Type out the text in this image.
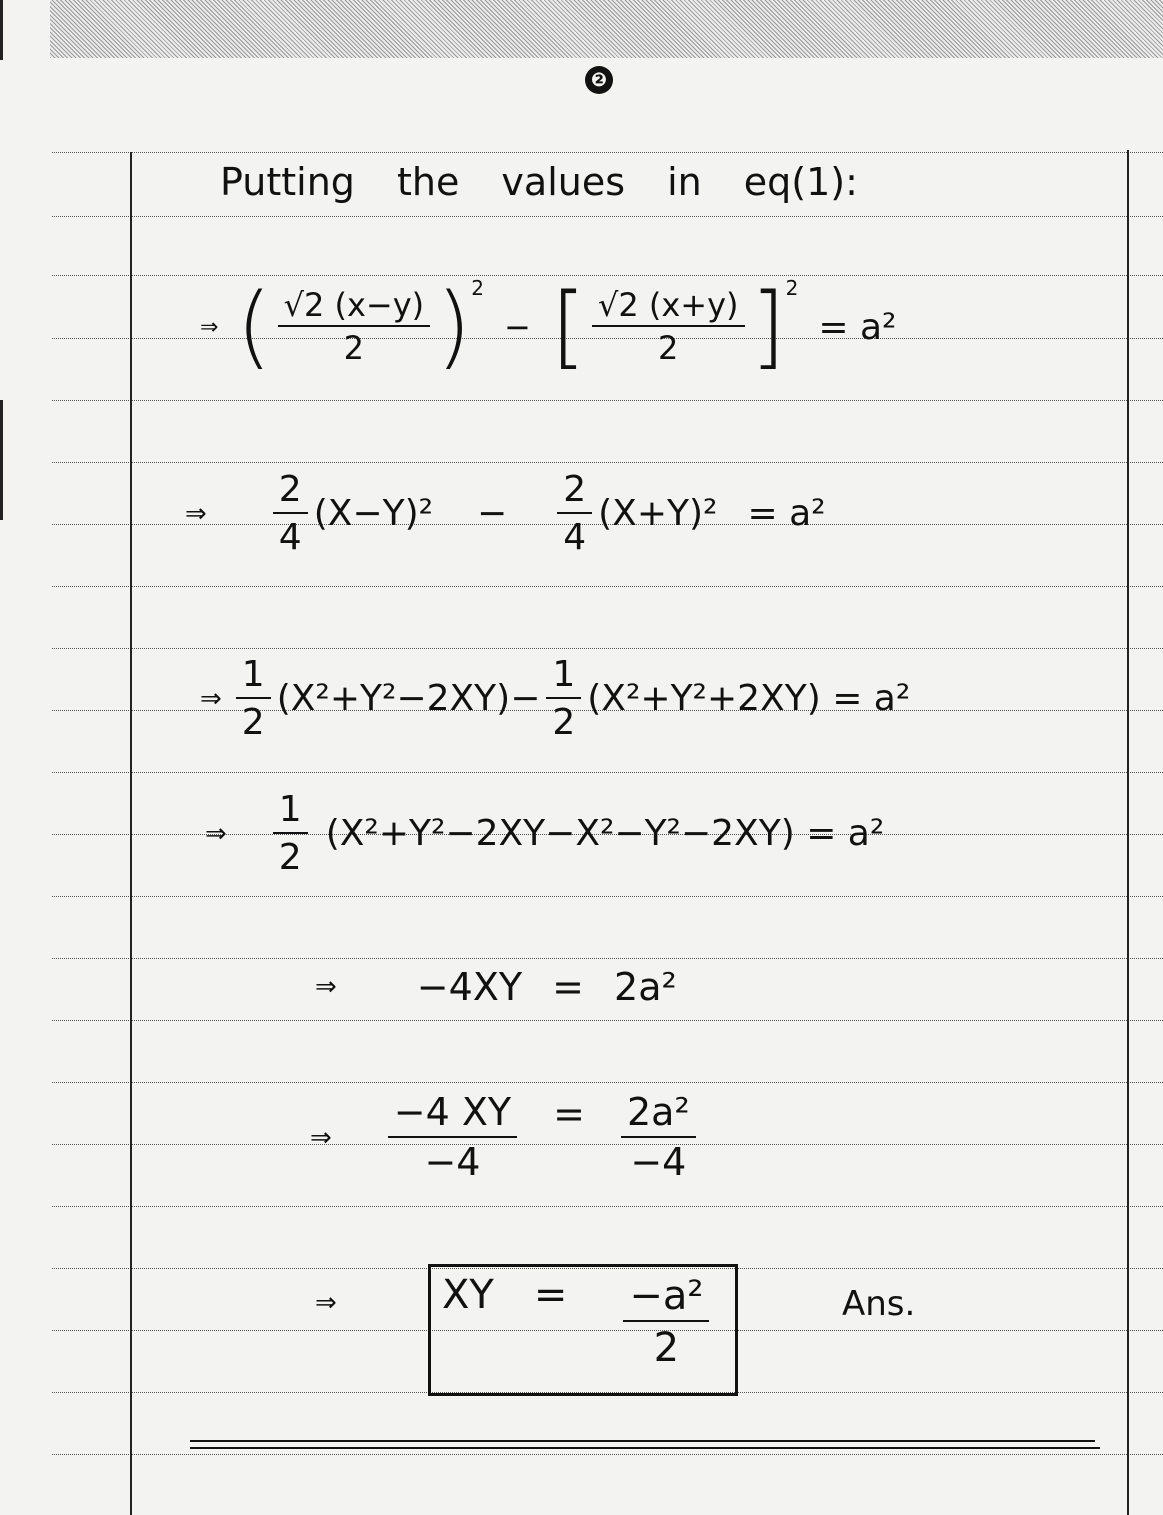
❷
Putting the values in eq(1):
⇒ ( $\frac{√2 (x-y)}{2} )^2$
− [ $\frac{√2 (x+y)}{2} ]^2$
= a²
⇒ $\frac{2}{4} (X-Y)^2 - \frac{2}{4} (X+Y)^2 = a^2$
⇒ $\frac{1}{2} (X^2+Y^2-2XY)- \frac{1}{2} (X^2+Y^2+2XY) = a^2$
⇒ $\frac{1}{2} (X^2+Y^2-2XY-X^2-Y^2-2XY) = a^2$
⇒ −4XY = 2a²
⇒ $\frac{-4 XY}{-4} = \frac{\text{2a²}}{-4}$
⇒	XY = $\frac{\text{−a²}}{2}$	Ans.
